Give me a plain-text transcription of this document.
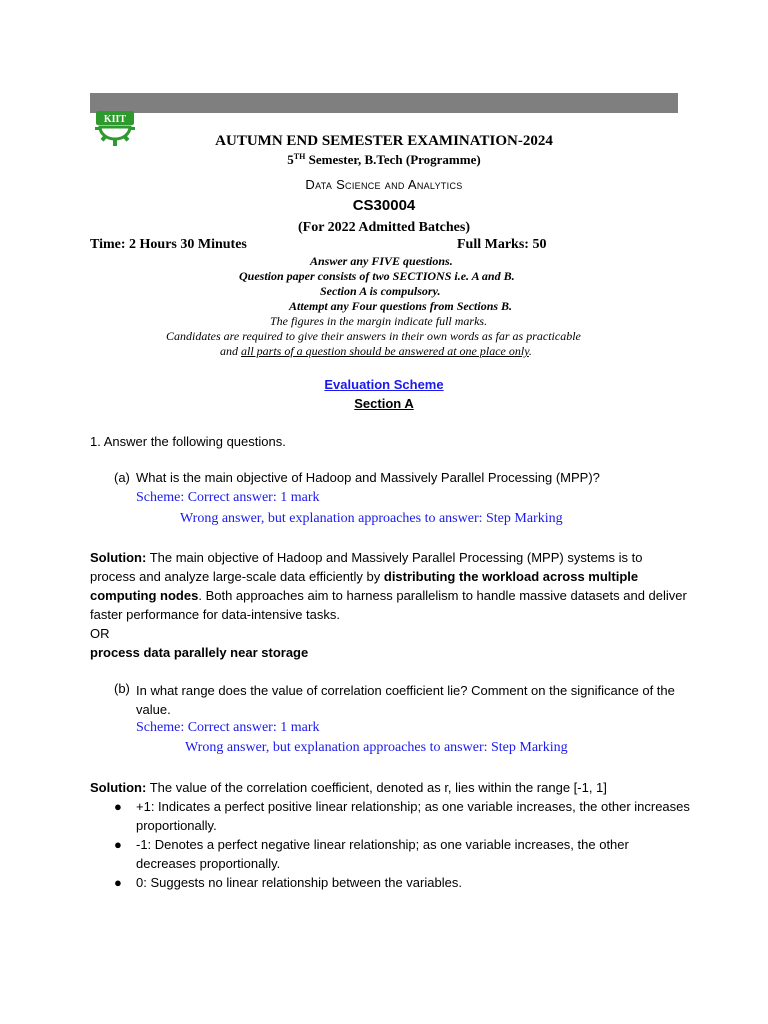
KIIT
AUTUMN END SEMESTER EXAMINATION-2024
5TH Semester, B.Tech (Programme)
Data Science and Analytics
CS30004
(For 2022 Admitted Batches)
Time: 2 Hours 30 Minutes	Full Marks: 50
Answer any FIVE questions.
Question paper consists of two SECTIONS i.e. A and B.
Section A is compulsory.
Attempt any Four questions from Sections B.
The figures in the margin indicate full marks.
Candidates are required to give their answers in their own words as far as practicable
and all parts of a question should be answered at one place only.
Evaluation Scheme
Section A
1. Answer the following questions.
(a) What is the main objective of Hadoop and Massively Parallel Processing (MPP)?
Scheme: Correct answer: 1 mark
Wrong answer, but explanation approaches to answer: Step Marking
Solution: The main objective of Hadoop and Massively Parallel Processing (MPP) systems is to process and analyze large-scale data efficiently by distributing the workload across multiple computing nodes. Both approaches aim to harness parallelism to handle massive datasets and deliver faster performance for data-intensive tasks.
OR
process data parallely near storage
(b) In what range does the value of correlation coefficient lie? Comment on the significance of the value.
Scheme: Correct answer: 1 mark
Wrong answer, but explanation approaches to answer: Step Marking
Solution: The value of the correlation coefficient, denoted as r, lies within the range [-1, 1]
● +1: Indicates a perfect positive linear relationship; as one variable increases, the other increases proportionally.
● -1: Denotes a perfect negative linear relationship; as one variable increases, the other decreases proportionally.
● 0: Suggests no linear relationship between the variables.
